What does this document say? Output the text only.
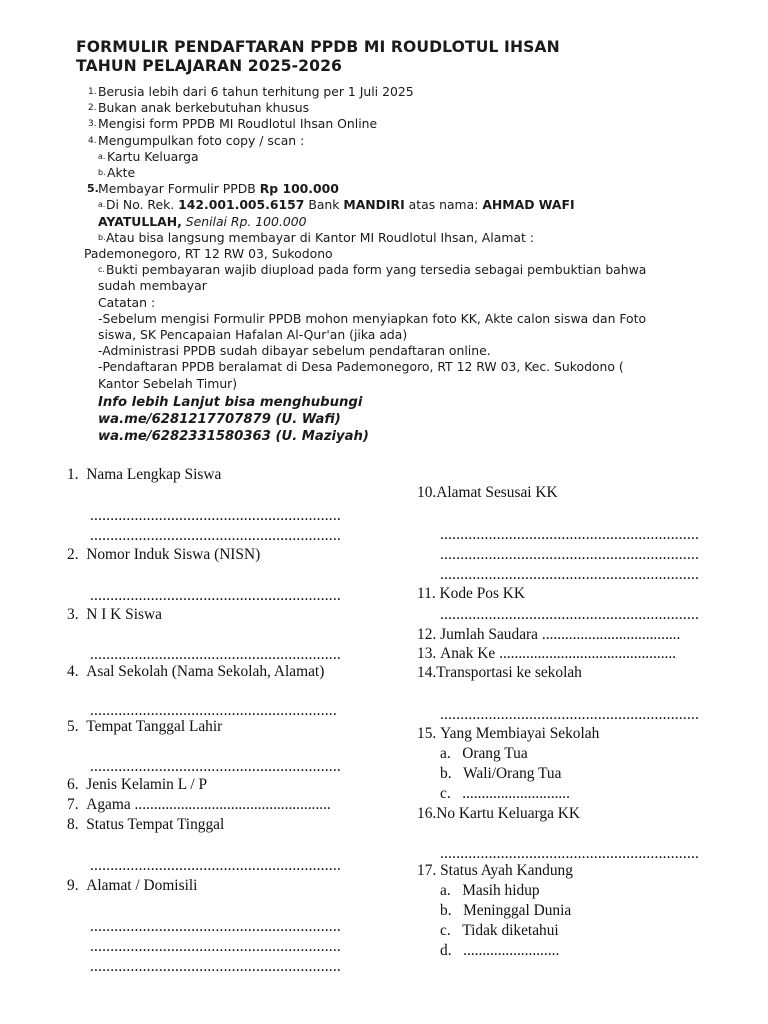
FORMULIR PENDAFTARAN PPDB MI ROUDLOTUL IHSAN
TAHUN PELAJARAN 2025-2026
1. Berusia lebih dari 6 tahun terhitung per 1 Juli 2025
2. Bukan anak berkebutuhan khusus
3. Mengisi form PPDB MI Roudlotul Ihsan Online
4. Mengumpulkan foto copy / scan :
a. Kartu Keluarga
b. Akte
5. Membayar Formulir PPDB Rp 100.000
a. Di No. Rek. 142.001.005.6157 Bank MANDIRI atas nama: AHMAD WAFI
AYATULLAH, Senilai Rp. 100.000
b. Atau bisa langsung membayar di Kantor MI Roudlotul Ihsan, Alamat :
Pademonegoro, RT 12 RW 03, Sukodono
c. Bukti pembayaran wajib diupload pada form yang tersedia sebagai pembuktian bahwa
sudah membayar
Catatan :
-Sebelum mengisi Formulir PPDB mohon menyiapkan foto KK, Akte calon siswa dan Foto
siswa, SK Pencapaian Hafalan Al-Qur'an (jika ada)
-Administrasi PPDB sudah dibayar sebelum pendaftaran online.
-Pendaftaran PPDB beralamat di Desa Pademonegoro, RT 12 RW 03, Kec. Sukodono (
Kantor Sebelah Timur)
Info lebih Lanjut bisa menghubungi
wa.me/6281217707879 (U. Wafi)
wa.me/6282331580363 (U. Maziyah)
1. Nama Lengkap Siswa
..............................................................
..............................................................
2. Nomor Induk Siswa (NISN)
..............................................................
3. N I K Siswa
..............................................................
4. Asal Sekolah (Nama Sekolah, Alamat)
.............................................................
5. Tempat Tanggal Lahir
..............................................................
6. Jenis Kelamin L / P
7. Agama ...................................................
8. Status Tempat Tinggal
..............................................................
9. Alamat / Domisili
..............................................................
..............................................................
..............................................................
10.Alamat Sesusai KK
................................................................
................................................................
................................................................
11. Kode Pos KK
................................................................
12. Jumlah Saudara ....................................
13. Anak Ke ..............................................
14.Transportasi ke sekolah
................................................................
15. Yang Membiayai Sekolah
a. Orang Tua
b. Wali/Orang Tua
c. ............................
16.No Kartu Keluarga KK
................................................................
17. Status Ayah Kandung
a. Masih hidup
b. Meninggal Dunia
c. Tidak diketahui
d. .........................
